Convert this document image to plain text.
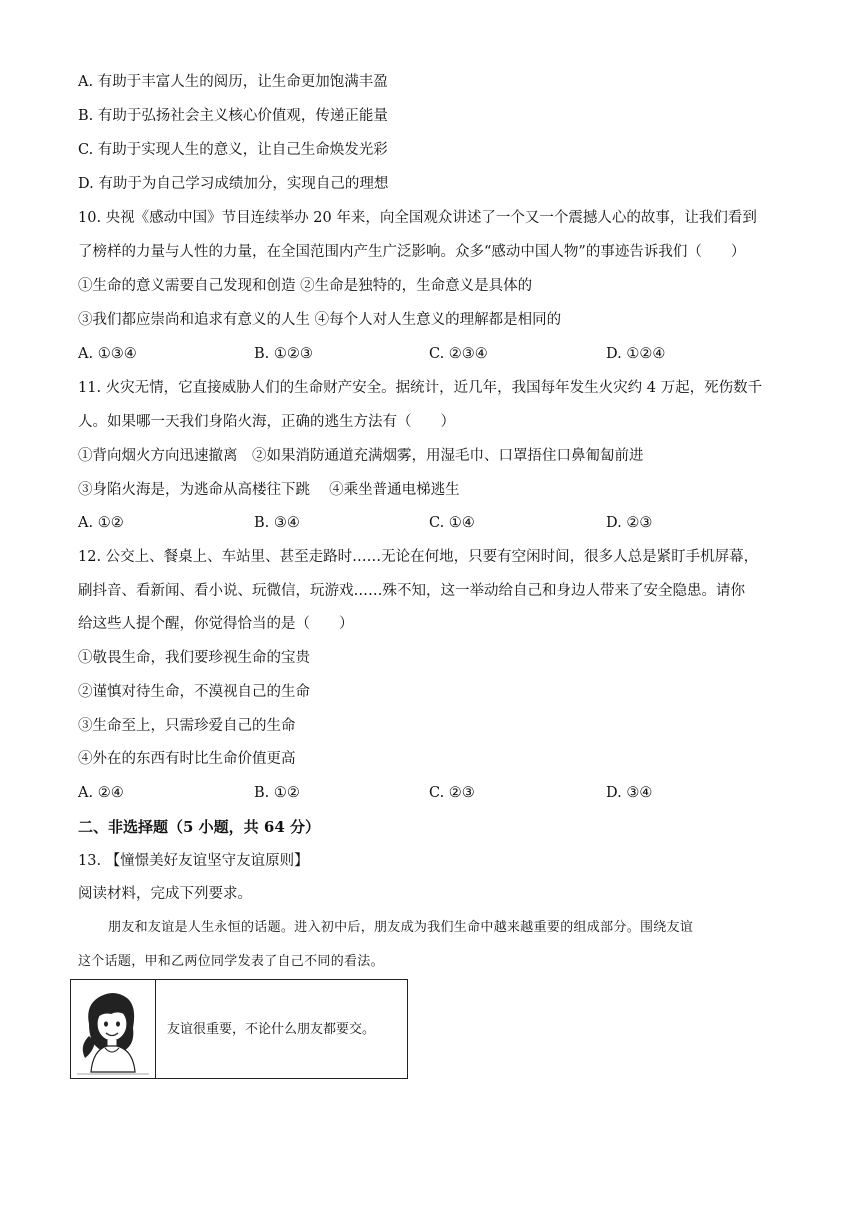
A. 有助于丰富人生的阅历，让生命更加饱满丰盈
B. 有助于弘扬社会主义核心价值观，传递正能量
C. 有助于实现人生的意义，让自己生命焕发光彩
D. 有助于为自己学习成绩加分，实现自己的理想
10. 央视《感动中国》节目连续举办 20 年来，向全国观众讲述了一个又一个震撼人心的故事，让我们看到
了榜样的力量与人性的力量，在全国范围内产生广泛影响。众多“感动中国人物”的事迹告诉我们（　　）
①生命的意义需要自己发现和创造 ②生命是独特的，生命意义是具体的
③我们都应崇尚和追求有意义的人生 ④每个人对人生意义的理解都是相同的
A. ①③④	B. ①②③	C. ②③④	D. ①②④
11. 火灾无情，它直接威胁人们的生命财产安全。据统计，近几年，我国每年发生火灾约 4 万起，死伤数千
人。如果哪一天我们身陷火海，正确的逃生方法有（　　）
①背向烟火方向迅速撤离　②如果消防通道充满烟雾，用湿毛巾、口罩捂住口鼻匍匐前进
③身陷火海是，为逃命从高楼往下跳　 ④乘坐普通电梯逃生
A. ①②	B. ③④	C. ①④	D. ②③
12. 公交上、餐桌上、车站里、甚至走路时……无论在何地，只要有空闲时间，很多人总是紧盯手机屏幕，
刷抖音、看新闻、看小说、玩微信，玩游戏……殊不知，这一举动给自己和身边人带来了安全隐患。请你
给这些人提个醒，你觉得恰当的是（　　）
①敬畏生命，我们要珍视生命的宝贵
②谨慎对待生命，不漠视自己的生命
③生命至上，只需珍爱自己的生命
④外在的东西有时比生命价值更高
A. ②④	B. ①②	C. ②③	D. ③④
二、非选择题（5 小题，共 64 分）
13. 【憧憬美好友谊坚守友谊原则】
阅读材料，完成下列要求。
朋友和友谊是人生永恒的话题。进入初中后，朋友成为我们生命中越来越重要的组成部分。围绕友谊
这个话题，甲和乙两位同学发表了自己不同的看法。
友谊很重要，不论什么朋友都要交。
